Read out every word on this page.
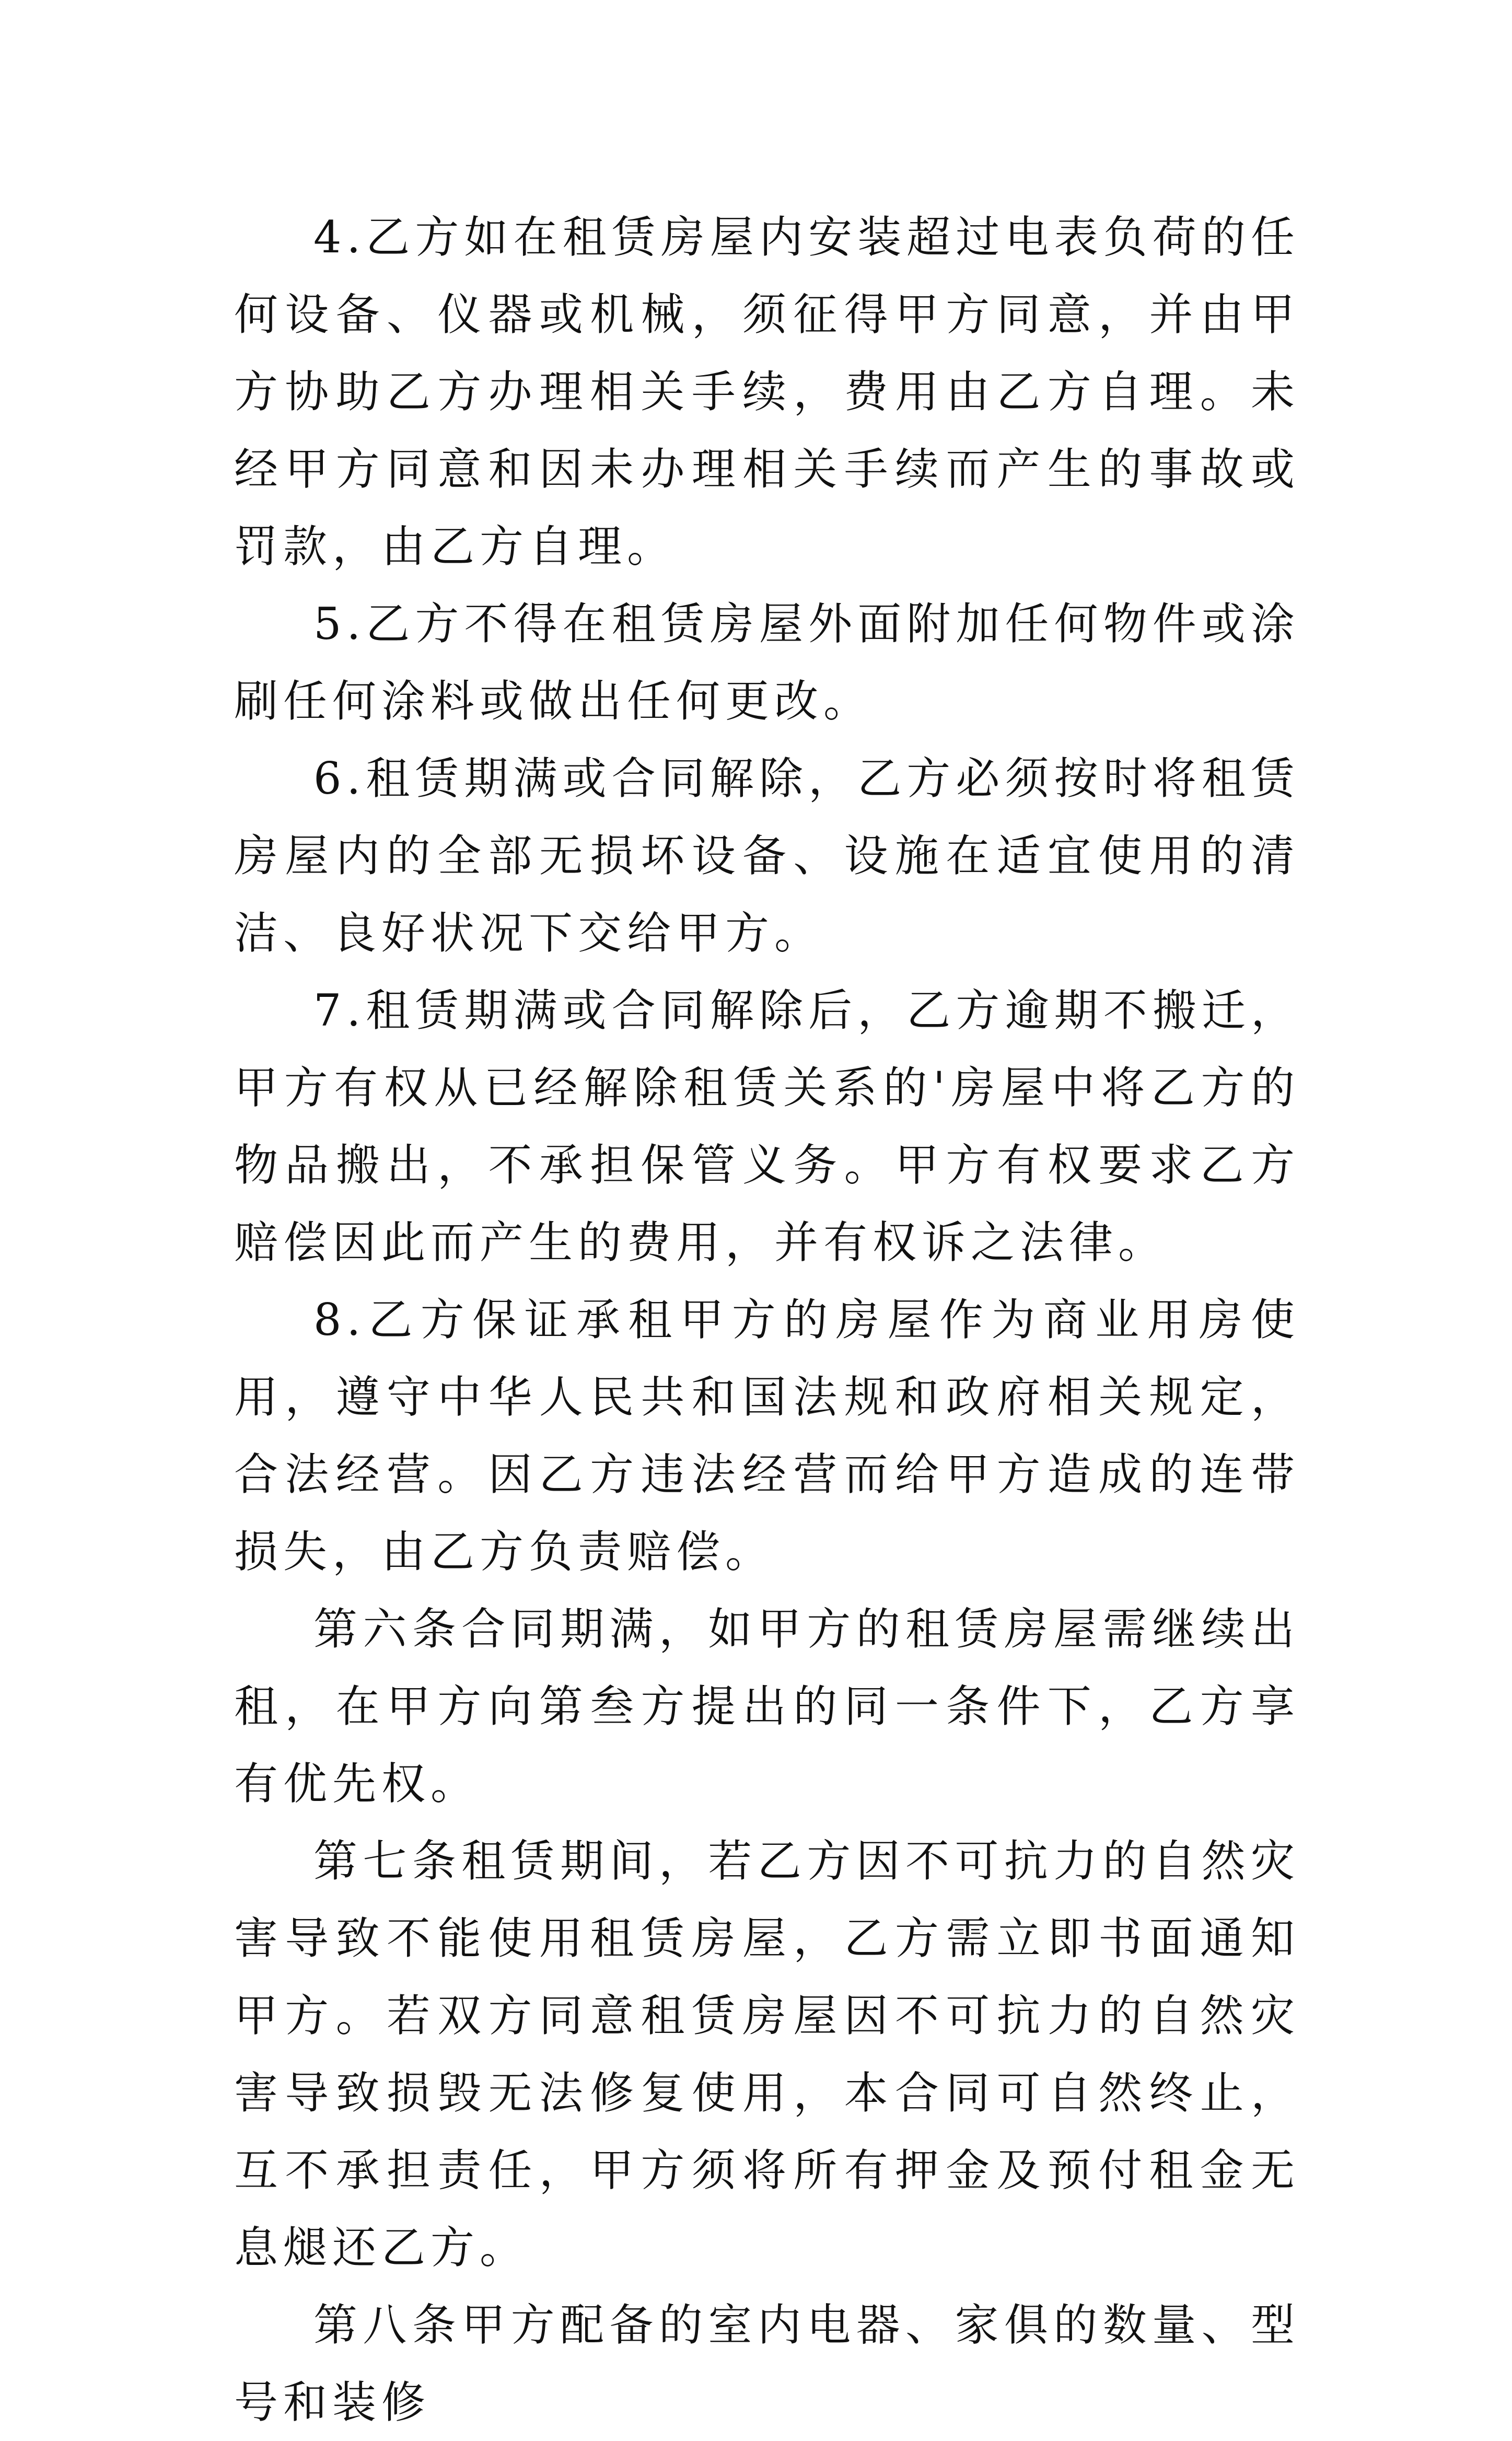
4.乙方如在租赁房屋内安装超过电表负荷的任何设备、仪器或机械，须征得甲方同意，并由甲方协助乙方办理相关手续，费用由乙方自理。未经甲方同意和因未办理相关手续而产生的事故或罚款，由乙方自理。

5.乙方不得在租赁房屋外面附加任何物件或涂刷任何涂料或做出任何更改。

6.租赁期满或合同解除，乙方必须按时将租赁房屋内的全部无损坏设备、设施在适宜使用的清洁、良好状况下交给甲方。

7.租赁期满或合同解除后，乙方逾期不搬迁，甲方有权从已经解除租赁关系的'房屋中将乙方的物品搬出，不承担保管义务。甲方有权要求乙方赔偿因此而产生的费用，并有权诉之法律。

8.乙方保证承租甲方的房屋作为商业用房使用，遵守中华人民共和国法规和政府相关规定，合法经营。因乙方违法经营而给甲方造成的连带损失，由乙方负责赔偿。

第六条合同期满，如甲方的租赁房屋需继续出租，在甲方向第叁方提出的同一条件下，乙方享有优先权。

第七条租赁期间，若乙方因不可抗力的自然灾害导致不能使用租赁房屋，乙方需立即书面通知甲方。若双方同意租赁房屋因不可抗力的自然灾害导致损毁无法修复使用，本合同可自然终止，互不承担责任，甲方须将所有押金及预付租金无息煺还乙方。

第八条甲方配备的室内电器、家俱的数量、型号和装修
